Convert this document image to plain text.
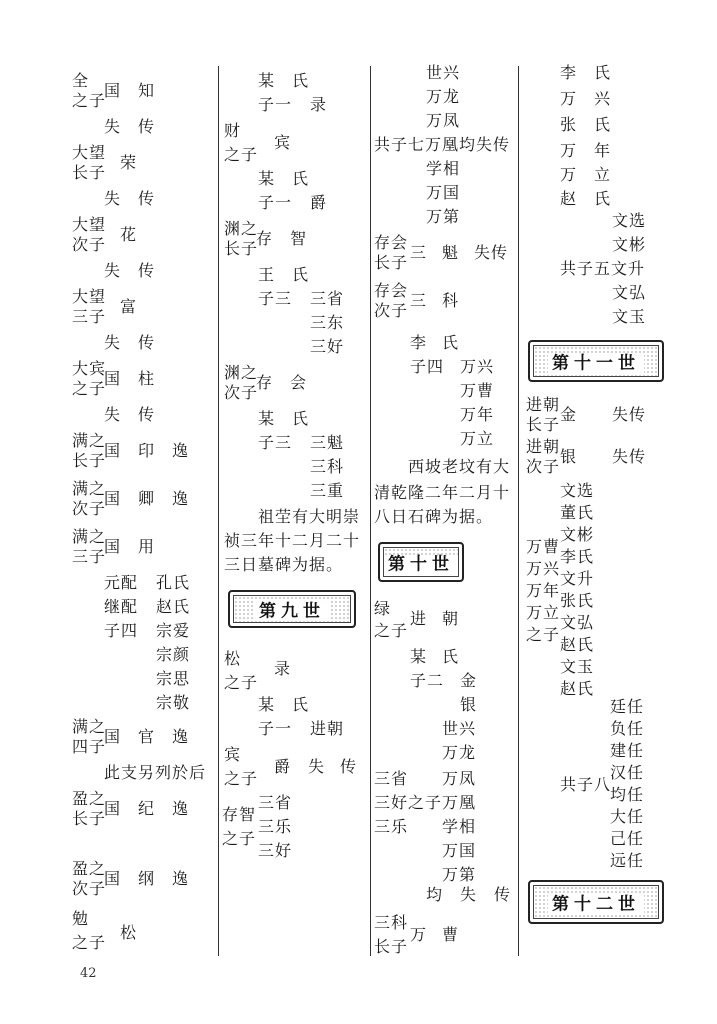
全
之子
国 知
失 传
大望
长子
荣
失 传
大望
次子
花
失 传
大望
三子
富
失 传
大宾
之子
国 柱
失 传
满之
长子
国 印 逸
满之
次子
国 卿 逸
满之
三子
国 用
元配 孔氏
继配 赵氏
子四 宗爱
宗颜
宗思
宗敬
满之
四子
国 官 逸
此支另列於后
盈之
长子
国 纪 逸
盈之
次子
国 纲 逸
勉
之子
松
某 氏
子一 录
财
之子
宾
某 氏
子一 爵
渊之
长子
存 智
王 氏
子三 三省
三东
三好
渊之
次子
存 会
某 氏
子三 三魁
三科
三重
祖茔有大明崇
祯三年十二月二十
三日墓碑为据。
第九世
松
录
之子
某 氏
子一 进朝
宾
之子
爵 失 传
存智
之子
三省
三乐
三好
世兴
万龙
万凤
共子七万凰均失传
学相
万国
万第
存会
长子
三 魁 失传
存会
次子
三 科
李 氏
子四 万兴
万曹
万年
万立
西坡老坟有大
清乾隆二年二月十
八日石碑为据。
第十世
绿
之子
进 朝
某 氏
子二 金
银
世兴
万龙
三省 万凤
三好之子万凰
三乐 学相
万国
万第
均 失 传
三科
长子
万 曹
李 氏
万 兴
张 氏
万 年
万 立
赵 氏
文选
文彬
共子五文升
文弘
文玉
第十一世
进朝
长子
金 失传
进朝
次子
银 失传
文选
董氏
文彬
万曹
李氏
万兴
文升
万年
张氏
万立
文弘
之子
赵氏
文玉
赵氏
廷任
负任
建任
汉任
共子八
均任
大任
己任
远任
第十二世
42
